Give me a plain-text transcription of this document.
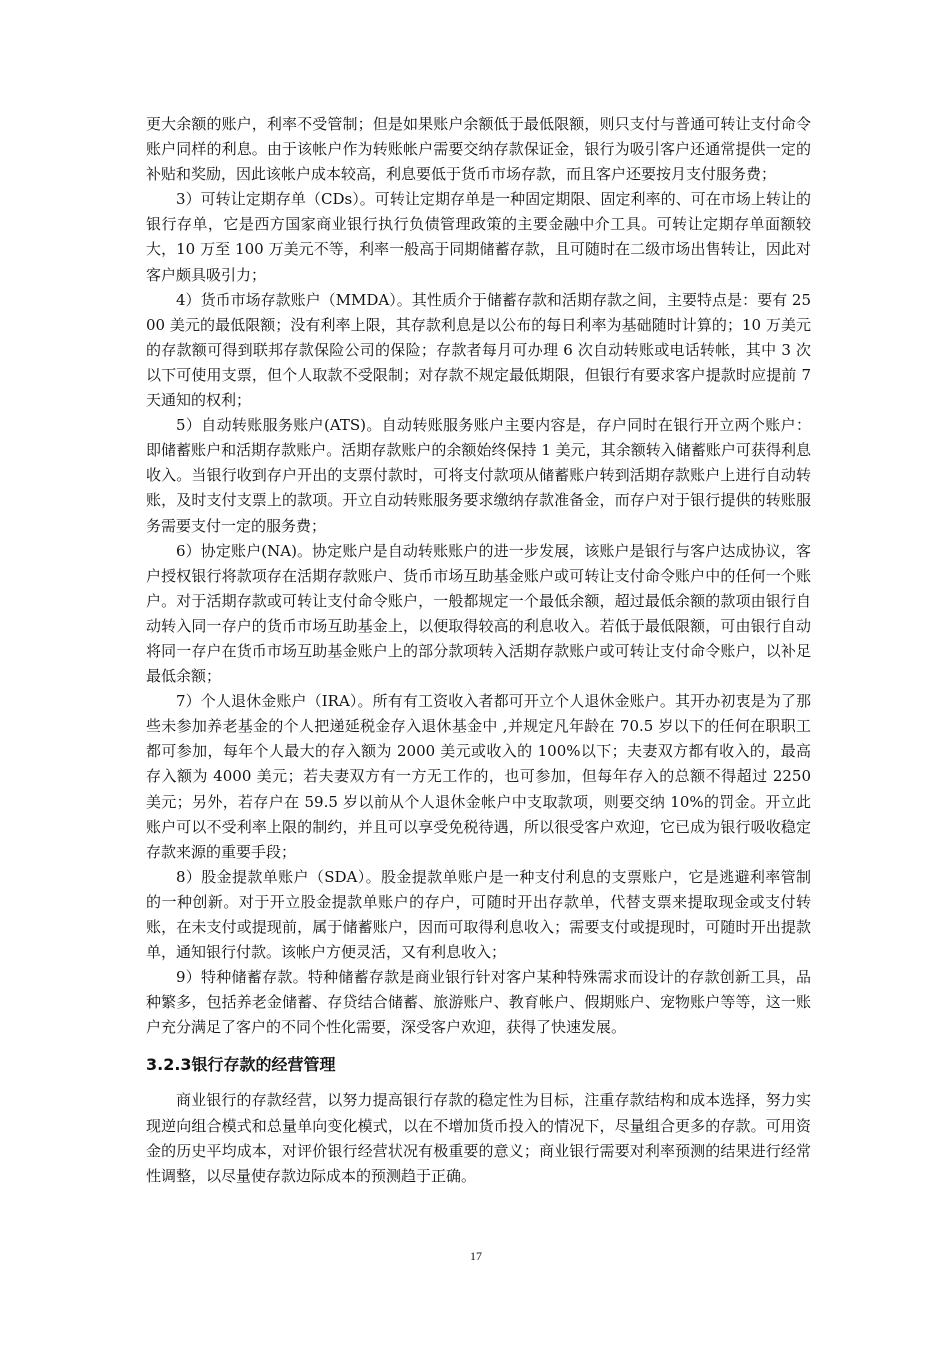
更大余额的账户，利率不受管制；但是如果账户余额低于最低限额，则只支付与普通可转让支付命令账户同样的利息。由于该帐户作为转账帐户需要交纳存款保证金，银行为吸引客户还通常提供一定的补贴和奖励，因此该帐户成本较高，利息要低于货币市场存款，而且客户还要按月支付服务费；

3）可转让定期存单（CDs）。可转让定期存单是一种固定期限、固定利率的、可在市场上转让的银行存单，它是西方国家商业银行执行负债管理政策的主要金融中介工具。可转让定期存单面额较大，10 万至 100 万美元不等，利率一般高于同期储蓄存款，且可随时在二级市场出售转让，因此对客户颇具吸引力；

4）货币市场存款账户（MMDA）。其性质介于储蓄存款和活期存款之间，主要特点是：要有 2500 美元的最低限额；没有利率上限，其存款利息是以公布的每日利率为基础随时计算的；10 万美元的存款额可得到联邦存款保险公司的保险；存款者每月可办理 6 次自动转账或电话转帐，其中 3 次以下可使用支票，但个人取款不受限制；对存款不规定最低期限，但银行有要求客户提款时应提前 7 天通知的权利；

5）自动转账服务账户(ATS)。自动转账服务账户主要内容是，存户同时在银行开立两个账户：即储蓄账户和活期存款账户。活期存款账户的余额始终保持 1 美元，其余额转入储蓄账户可获得利息收入。当银行收到存户开出的支票付款时，可将支付款项从储蓄账户转到活期存款账户上进行自动转账，及时支付支票上的款项。开立自动转账服务要求缴纳存款准备金，而存户对于银行提供的转账服务需要支付一定的服务费；

6）协定账户(NA)。协定账户是自动转账账户的进一步发展，该账户是银行与客户达成协议，客户授权银行将款项存在活期存款账户、货币市场互助基金账户或可转让支付命令账户中的任何一个账户。对于活期存款或可转让支付命令账户，一般都规定一个最低余额，超过最低余额的款项由银行自动转入同一存户的货币市场互助基金上，以便取得较高的利息收入。若低于最低限额，可由银行自动将同一存户在货币市场互助基金账户上的部分款项转入活期存款账户或可转让支付命令账户，以补足最低余额；

7）个人退休金账户（IRA）。所有有工资收入者都可开立个人退休金账户。其开办初衷是为了那些未参加养老基金的个人把递延税金存入退休基金中 ,并规定凡年龄在 70.5 岁以下的任何在职职工都可参加，每年个人最大的存入额为 2000 美元或收入的 100%以下；夫妻双方都有收入的，最高存入额为 4000 美元；若夫妻双方有一方无工作的，也可参加，但每年存入的总额不得超过 2250 美元；另外，若存户在 59.5 岁以前从个人退休金帐户中支取款项，则要交纳 10%的罚金。开立此账户可以不受利率上限的制约，并且可以享受免税待遇，所以很受客户欢迎，它已成为银行吸收稳定存款来源的重要手段；

8）股金提款单账户（SDA）。股金提款单账户是一种支付利息的支票账户，它是逃避利率管制的一种创新。对于开立股金提款单账户的存户，可随时开出存款单，代替支票来提取现金或支付转账，在未支付或提现前，属于储蓄账户，因而可取得利息收入；需要支付或提现时，可随时开出提款单，通知银行付款。该帐户方便灵活，又有利息收入；

9）特种储蓄存款。特种储蓄存款是商业银行针对客户某种特殊需求而设计的存款创新工具，品种繁多，包括养老金储蓄、存贷结合储蓄、旅游账户、教育帐户、假期账户、宠物账户等等，这一账户充分满足了客户的不同个性化需要，深受客户欢迎，获得了快速发展。

3.2.3银行存款的经营管理

商业银行的存款经营，以努力提高银行存款的稳定性为目标，注重存款结构和成本选择，努力实现逆向组合模式和总量单向变化模式，以在不增加货币投入的情况下，尽量组合更多的存款。可用资金的历史平均成本，对评价银行经营状况有极重要的意义；商业银行需要对利率预测的结果进行经常性调整，以尽量使存款边际成本的预测趋于正确。

17
